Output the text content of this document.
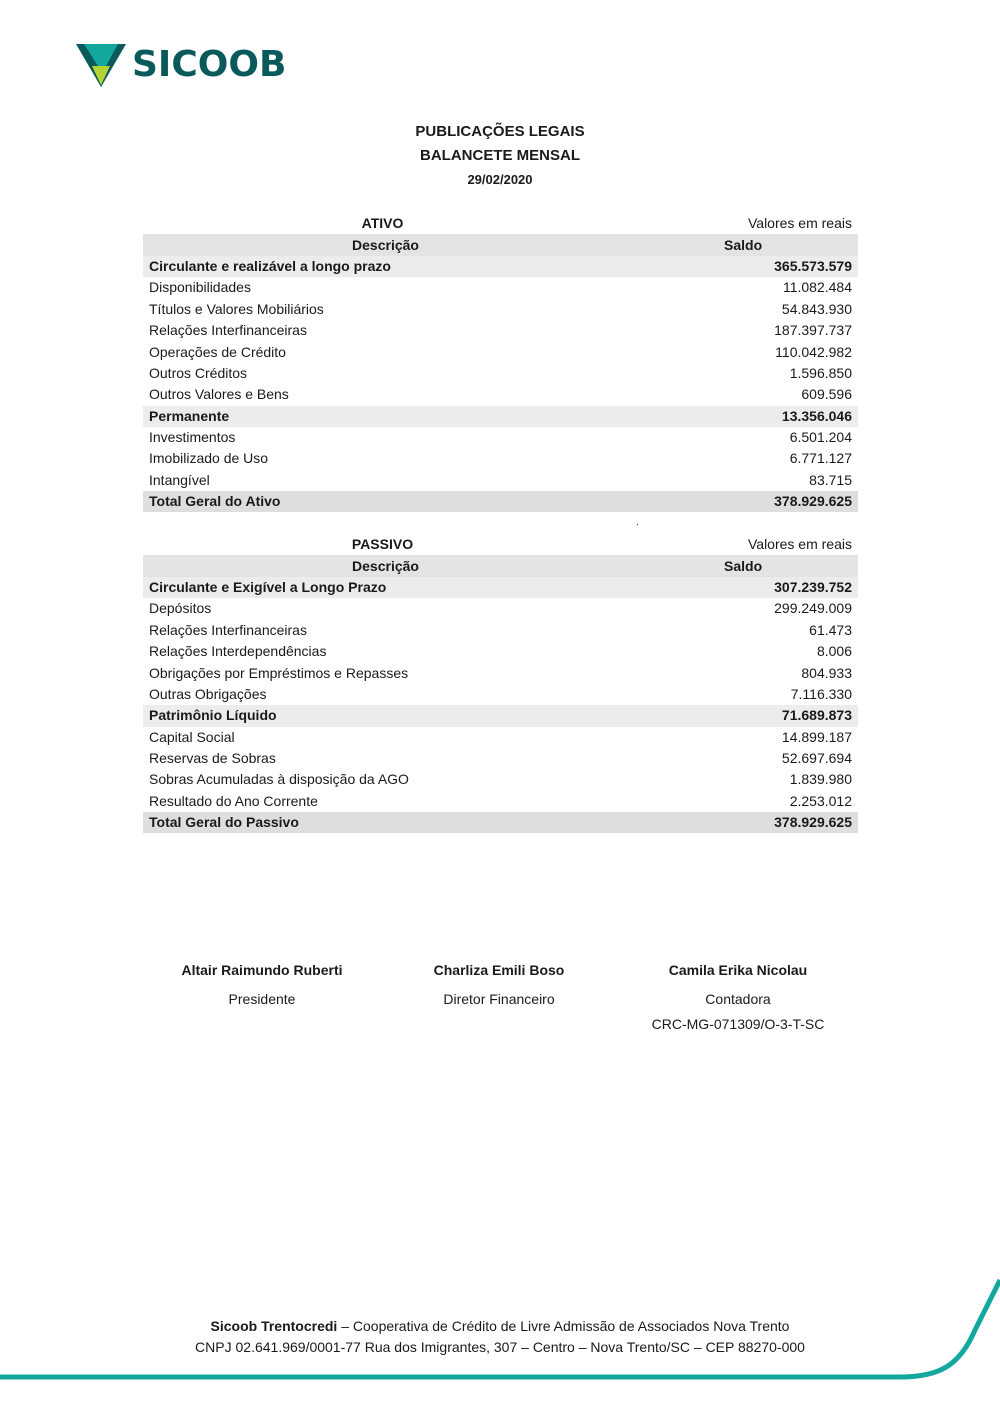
SICOOB
PUBLICAÇÕES LEGAIS
BALANCETE MENSAL
29/02/2020
ATIVO	Valores em reais
Descrição	Saldo
Circulante e realizável a longo prazo	365.573.579
Disponibilidades	11.082.484
Títulos e Valores Mobiliários	54.843.930
Relações Interfinanceiras	187.397.737
Operações de Crédito	110.042.982
Outros Créditos	1.596.850
Outros Valores e Bens	609.596
Permanente	13.356.046
Investimentos	6.501.204
Imobilizado de Uso	6.771.127
Intangível	83.715
Total Geral do Ativo	378.929.625
.
PASSIVO	Valores em reais
Descrição	Saldo
Circulante e Exigível a Longo Prazo	307.239.752
Depósitos	299.249.009
Relações Interfinanceiras	61.473
Relações Interdependências	8.006
Obrigações por Empréstimos e Repasses	804.933
Outras Obrigações	7.116.330
Patrimônio Líquido	71.689.873
Capital Social	14.899.187
Reservas de Sobras	52.697.694
Sobras Acumuladas à disposição da AGO	1.839.980
Resultado do Ano Corrente	2.253.012
Total Geral do Passivo	378.929.625
Altair Raimundo Ruberti
Presidente
Charliza Emili Boso
Diretor Financeiro
Camila Erika Nicolau
Contadora
CRC-MG-071309/O-3-T-SC
Sicoob Trentocredi – Cooperativa de Crédito de Livre Admissão de Associados Nova Trento
CNPJ 02.641.969/0001-77 Rua dos Imigrantes, 307 – Centro – Nova Trento/SC – CEP 88270-000
